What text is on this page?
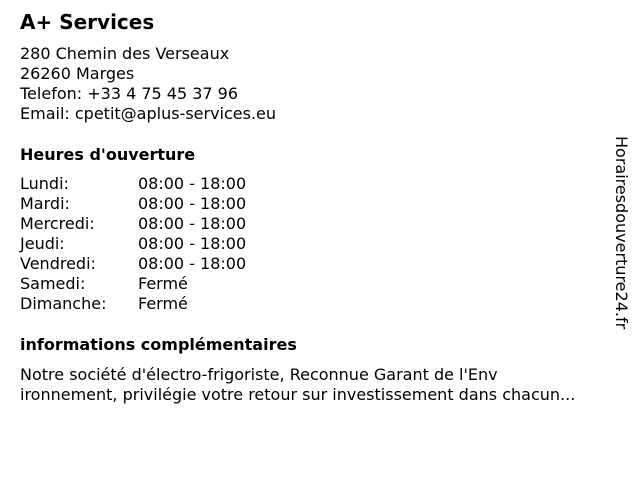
A+ Services
280 Chemin des Verseaux
26260 Marges
Telefon: +33 4 75 45 37 96
Email: cpetit@aplus-services.eu
Heures d'ouverture
Lundi:	08:00 - 18:00
Mardi:	08:00 - 18:00
Mercredi:	08:00 - 18:00
Jeudi:	08:00 - 18:00
Vendredi:	08:00 - 18:00
Samedi:	Fermé
Dimanche:	Fermé
informations complémentaires
Notre société d'électro-frigoriste, Reconnue Garant de l'Env
ironnement, privilégie votre retour sur investissement dans chacun...
Horairesdouverture24.fr
